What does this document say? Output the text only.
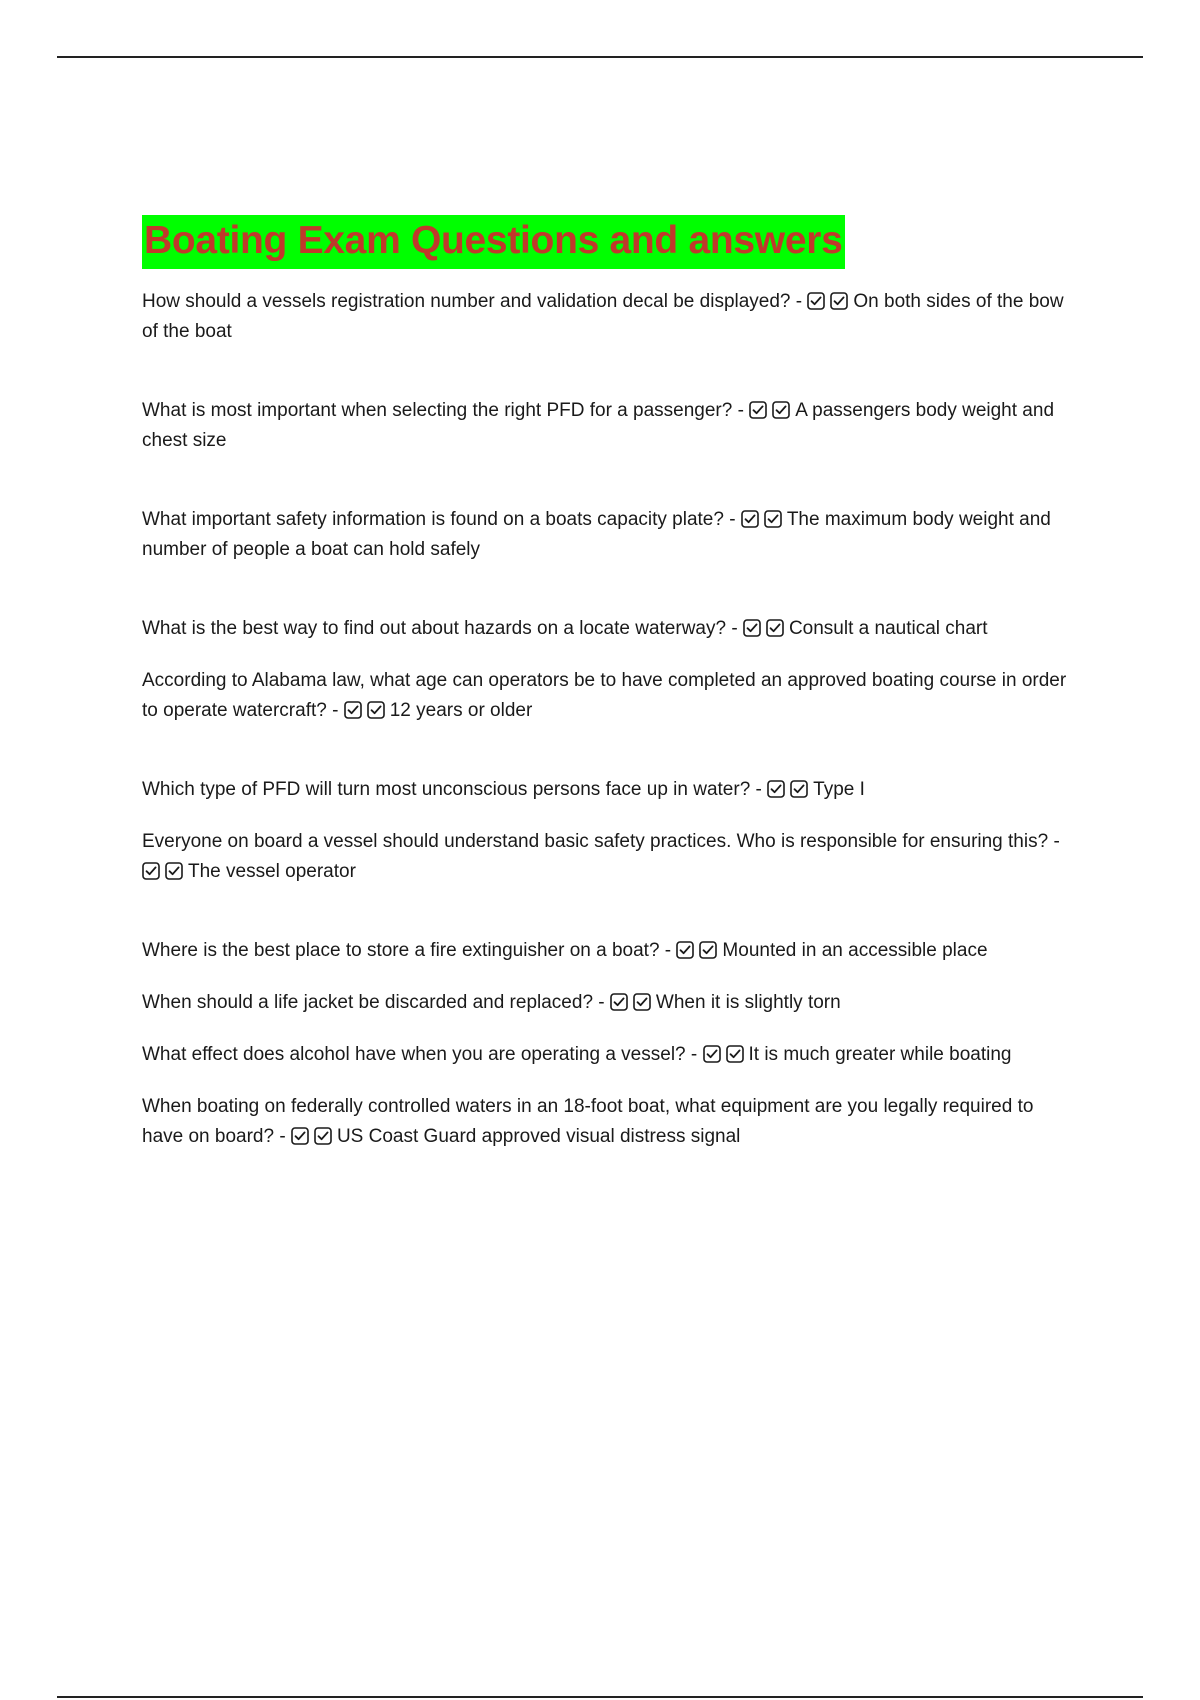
Boating Exam Questions and answers

How should a vessels registration number and validation decal be displayed? -
On both sides of the bow of the boat

What is most important when selecting the right PFD for a passenger? -
A passengers body weight and chest size

What important safety information is found on a boats capacity plate? -
The maximum body weight and number of people a boat can hold safely

What is the best way to find out about hazards on a locate waterway? -
Consult a nautical chart

According to Alabama law, what age can operators be to have completed an approved boating course in order to operate watercraft? -
12 years or older

Which type of PFD will turn most unconscious persons face up in water? -
Type I

Everyone on board a vessel should understand basic safety practices. Who is responsible for ensuring this? -
The vessel operator

Where is the best place to store a fire extinguisher on a boat? -
Mounted in an accessible place

When should a life jacket be discarded and replaced? -
When it is slightly torn

What effect does alcohol have when you are operating a vessel? -
It is much greater while boating

When boating on federally controlled waters in an 18-foot boat, what equipment are you legally required to have on board? -
US Coast Guard approved visual distress signal
